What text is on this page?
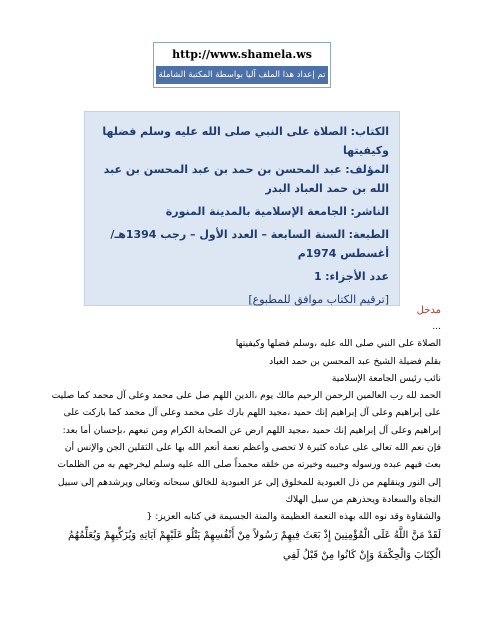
http://www.shamela.ws
تم إعداد هذا الملف آليا بواسطة المكتبة الشاملة
الكتاب: الصلاة على النبي صلى الله عليه وسلم فضلها وكيفيتها
المؤلف: عبد المحسن بن حمد بن عبد المحسن بن عبد الله بن حمد العباد البدر
الناشر: الجامعة الإسلامية بالمدينة المنورة
الطبعة: السنة السابعة – العدد الأول – رجب 1394هـ/ أغسطس 1974م
عدد الأجزاء: 1
[ترقيم الكتاب موافق للمطبوع]
مدخل

...

الصلاة على النبي صلى الله عليه ،وسلم فضلها وكيفيتها

بقلم فضيلة الشيخ عبد المحسن بن حمد العباد

نائب رئيس الجامعة الإسلامية

الحمد لله رب العالمين الرحمن الرحيم مالك يوم ،الدين اللهم صل على محمد وعلى آل محمد كما صليت على إبراهيم وعلى آل إبراهيم إنك حميد ،مجيد اللهم بارك على محمد وعلى آل محمد كما باركت على إبراهيم وعلى آل إبراهيم إنك حميد ،مجيد اللهم ارض عن الصحابة الكرام ومن تبعهم ،بإحسان أما بعد:

فإن نعم الله تعالى على عباده كثيرة لا تحصى وأعظم نعمة أنعم الله بها على الثقلين الجن والإنس أن بعث فيهم عبده ورسوله وحبيبه وخيرته من خلقه محمداً صلى الله عليه وسلم ليخرجهم به من الظلمات إلى النور وينقلهم من ذل العبودية للمخلوق إلى عز العبودية للخالق سبحانه وتعالى ويرشدهم إلى سبيل النجاة والسعادة ويحذرهم من سبل الهلاك

والشقاوة وقد نوه الله بهذه النعمة العظيمة والمنة الجسيمة في كتابه العزيز: {

لَقَدْ مَنَّ اللَّهُ عَلَى الْمُؤْمِنِينَ إِذْ بَعَثَ فِيهِمْ رَسُولاً مِنْ أَنْفُسِهِمْ يَتْلُو عَلَيْهِمْ آيَاتِهِ وَيُزَكِّيهِمْ وَيُعَلِّمُهُمُ الْكِتَابَ وَالْحِكْمَةَ وَإِنْ كَانُوا مِنْ قَبْلُ لَفِي
